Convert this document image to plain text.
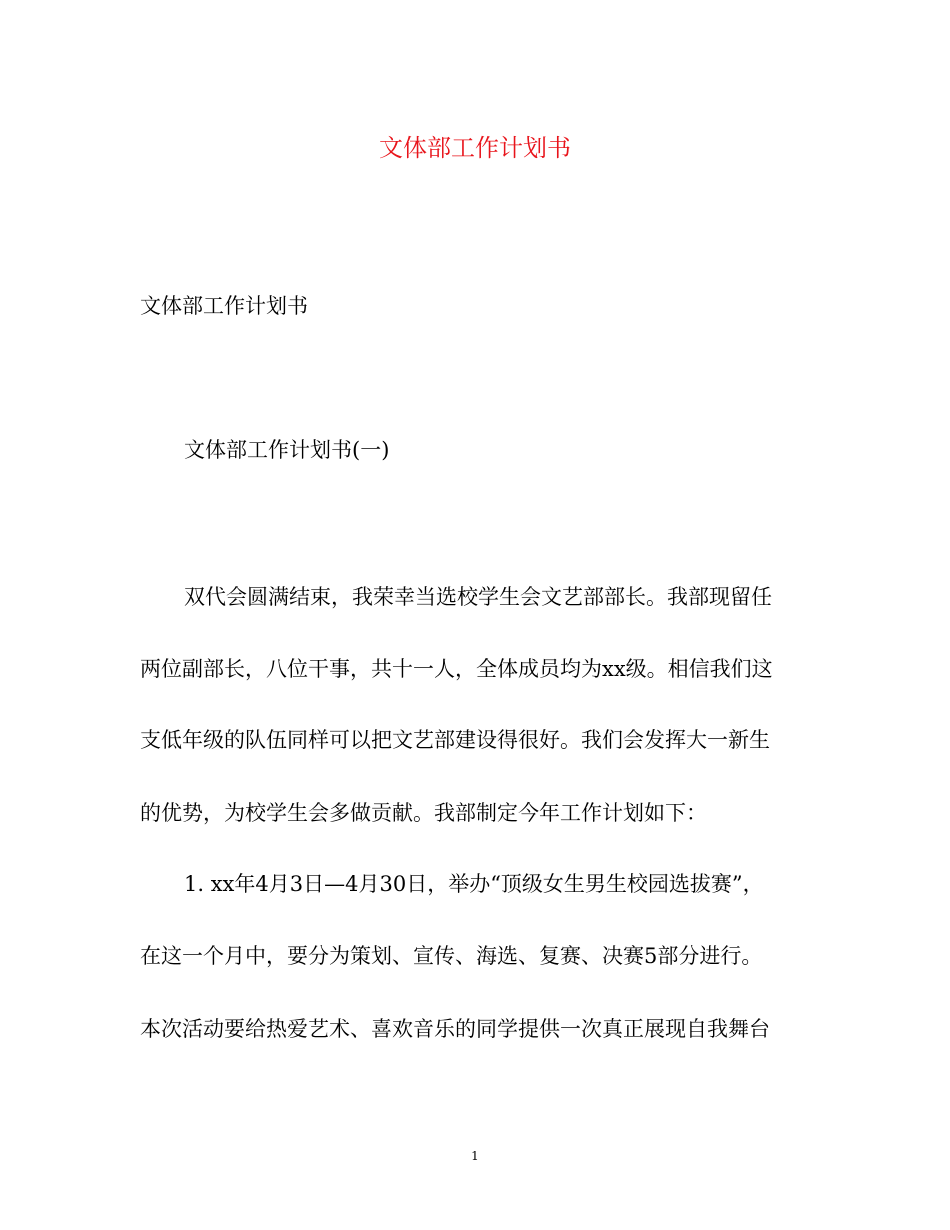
文体部工作计划书
文体部工作计划书
文体部工作计划书(一)
双代会圆满结束，我荣幸当选校学生会文艺部部长。我部现留任
两位副部长，八位干事，共十一人，全体成员均为xx级。相信我们这
支低年级的队伍同样可以把文艺部建设得很好。我们会发挥大一新生
的优势，为校学生会多做贡献。我部制定今年工作计划如下：
1. xx年4月3日—4月30日，举办“顶级女生男生校园选拔赛”，
在这一个月中，要分为策划、宣传、海选、复赛、决赛5部分进行。
本次活动要给热爱艺术、喜欢音乐的同学提供一次真正展现自我舞台
1
